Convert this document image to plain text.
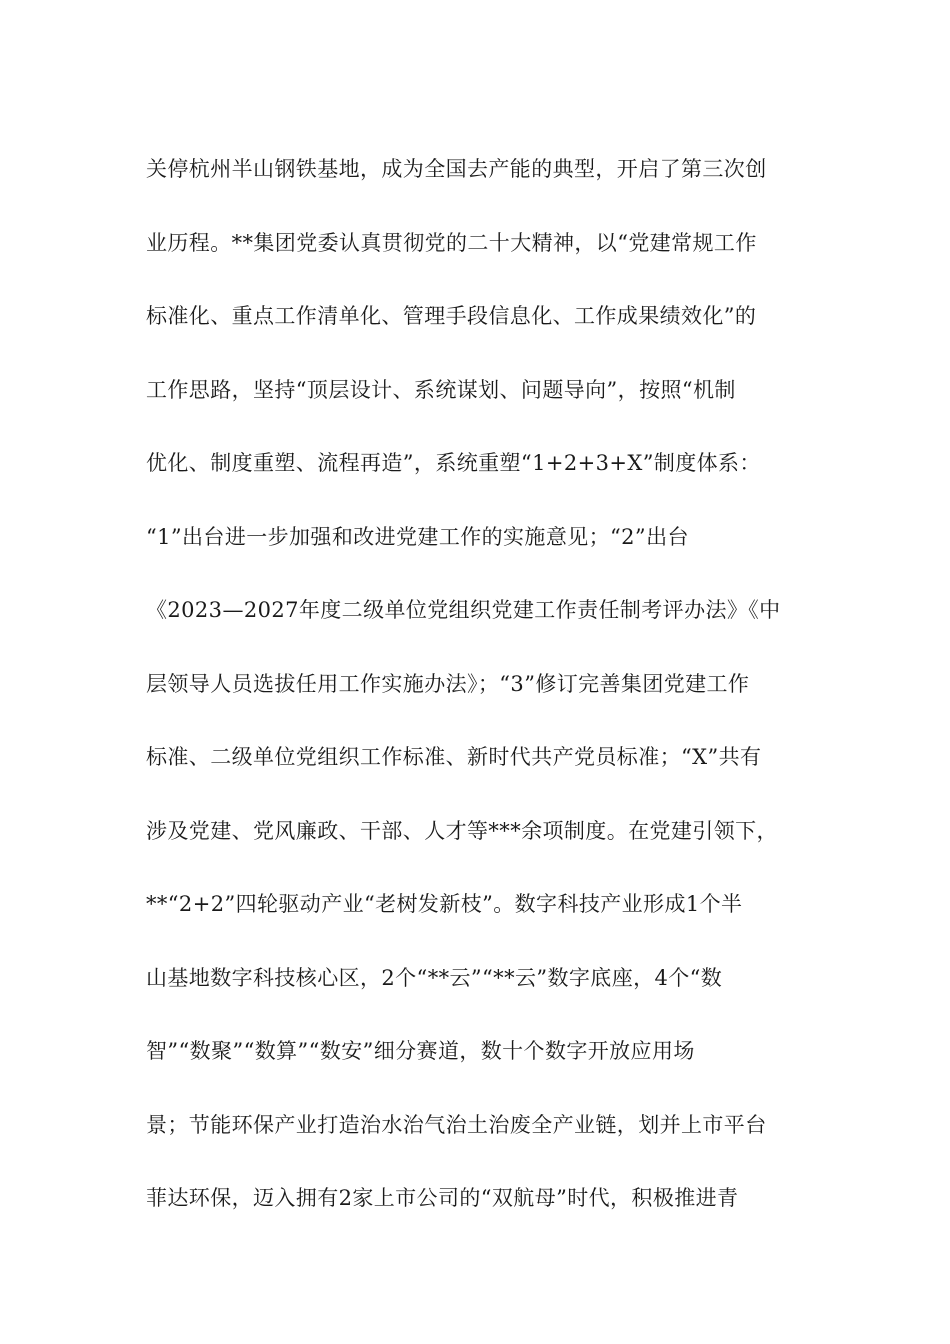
关停杭州半山钢铁基地，成为全国去产能的典型，开启了第三次创

业历程。**集团党委认真贯彻党的二十大精神，以“党建常规工作

标准化、重点工作清单化、管理手段信息化、工作成果绩效化”的

工作思路，坚持“顶层设计、系统谋划、问题导向”，按照“机制

优化、制度重塑、流程再造”，系统重塑“1+2+3+X”制度体系：

“1”出台进一步加强和改进党建工作的实施意见；“2”出台

《2023—2027年度二级单位党组织党建工作责任制考评办法》《中

层领导人员选拔任用工作实施办法》；“3”修订完善集团党建工作

标准、二级单位党组织工作标准、新时代共产党员标准；“X”共有

涉及党建、党风廉政、干部、人才等***余项制度。在党建引领下，

**“2+2”四轮驱动产业“老树发新枝”。数字科技产业形成1个半

山基地数字科技核心区，2个“**云”“**云”数字底座，4个“数

智”“数聚”“数算”“数安”细分赛道，数十个数字开放应用场

景；节能环保产业打造治水治气治土治废全产业链，划并上市平台

菲达环保，迈入拥有2家上市公司的“双航母”时代，积极推进青
